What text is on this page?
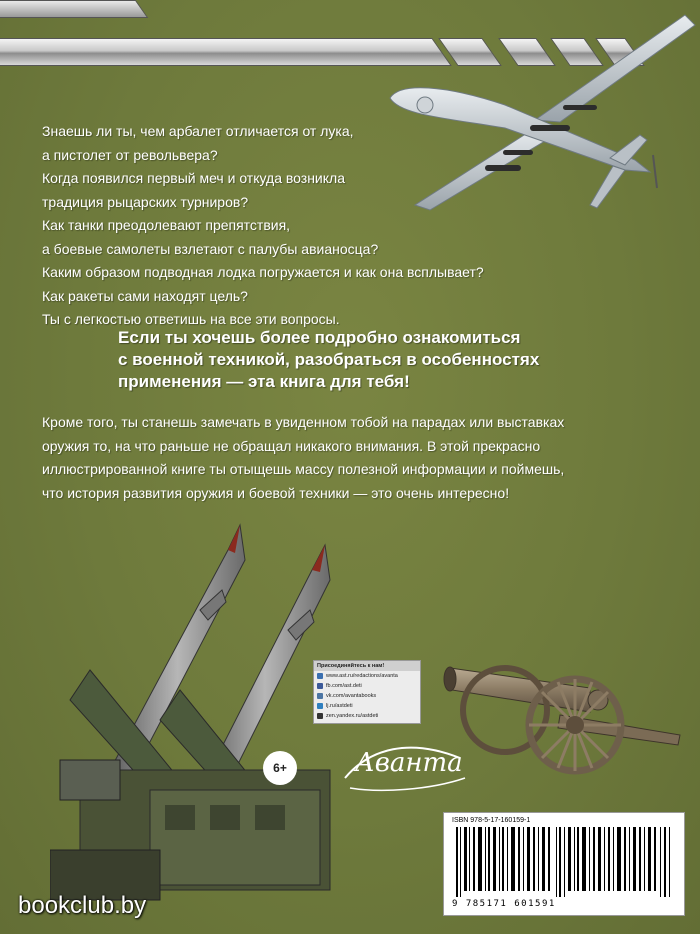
Знаешь ли ты, чем арбалет отличается от лука,
а пистолет от револьвера?
Когда появился первый меч и откуда возникла
традиция рыцарских турниров?
Как танки преодолевают препятствия,
а боевые самолеты взлетают с палубы авианосца?
Каким образом подводная лодка погружается и как она всплывает?
Как ракеты сами находят цель?
Ты с легкостью ответишь на все эти вопросы.
Если ты хочешь более подробно ознакомиться
с военной техникой, разобраться в особенностях
применения — эта книга для тебя!
Кроме того, ты станешь замечать в увиденном тобой на парадах или выставках
оружия то, на что раньше не обращал никакого внимания. В этой прекрасно
иллюстрированной книге ты отыщешь массу полезной информации и поймешь,
что история развития оружия и боевой техники — это очень интересно!
Присоединяйтесь к нам!
www.ast.ru/redactions/avanta
fb.com/ast.deti
vk.com/avantabooks
lj.ru/astdeti
zen.yandex.ru/astdeti
6+	Аванта
ISBN 978-5-17-160159-1
9 785171 601591
bookclub.by
